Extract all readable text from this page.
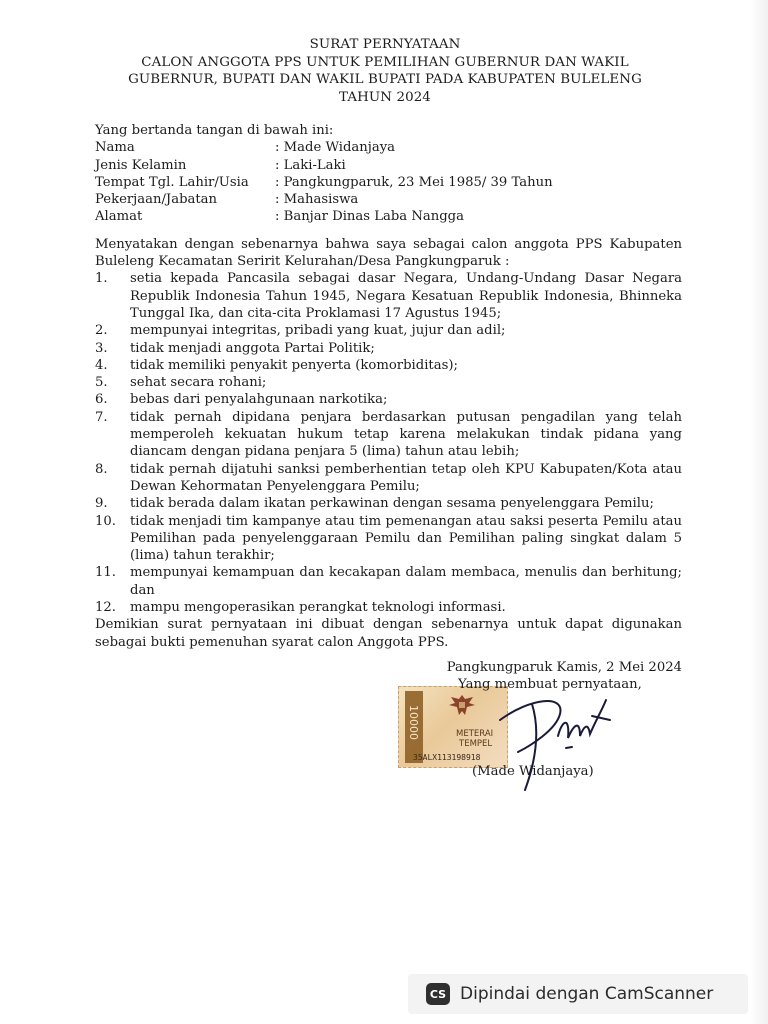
SURAT PERNYATAAN
CALON ANGGOTA PPS UNTUK PEMILIHAN GUBERNUR DAN WAKIL
GUBERNUR, BUPATI DAN WAKIL BUPATI PADA KABUPATEN BULELENG
TAHUN 2024
Yang bertanda tangan di bawah ini:
Nama	: Made Widanjaya
Jenis Kelamin	: Laki-Laki
Tempat Tgl. Lahir/Usia	: Pangkungparuk, 23 Mei 1985/ 39 Tahun
Pekerjaan/Jabatan	: Mahasiswa
Alamat	: Banjar Dinas Laba Nangga
Menyatakan dengan sebenarnya bahwa saya sebagai calon anggota PPS Kabupaten Buleleng Kecamatan Seririt Kelurahan/Desa Pangkungparuk :
1.	setia kepada Pancasila sebagai dasar Negara, Undang-Undang Dasar Negara Republik Indonesia Tahun 1945, Negara Kesatuan Republik Indonesia, Bhinneka Tunggal Ika, dan cita-cita Proklamasi 17 Agustus 1945;
2.	mempunyai integritas, pribadi yang kuat, jujur dan adil;
3.	tidak menjadi anggota Partai Politik;
4.	tidak memiliki penyakit penyerta (komorbiditas);
5.	sehat secara rohani;
6.	bebas dari penyalahgunaan narkotika;
7.	tidak pernah dipidana penjara berdasarkan putusan pengadilan yang telah memperoleh kekuatan hukum tetap karena melakukan tindak pidana yang diancam dengan pidana penjara 5 (lima) tahun atau lebih;
8.	tidak pernah dijatuhi sanksi pemberhentian tetap oleh KPU Kabupaten/Kota atau Dewan Kehormatan Penyelenggara Pemilu;
9.	tidak berada dalam ikatan perkawinan dengan sesama penyelenggara Pemilu;
10.	tidak menjadi tim kampanye atau tim pemenangan atau saksi peserta Pemilu atau Pemilihan pada penyelenggaraan Pemilu dan Pemilihan paling singkat dalam 5 (lima) tahun terakhir;
11.	mempunyai kemampuan dan kecakapan dalam membaca, menulis dan berhitung; dan
12.	mampu mengoperasikan perangkat teknologi informasi.
Demikian surat pernyataan ini dibuat dengan sebenarnya untuk dapat digunakan sebagai bukti pemenuhan syarat calon Anggota PPS.
10000	METERAI
TEMPEL
35ALX113198918
Pangkungparuk Kamis, 2 Mei 2024
Yang membuat pernyataan,
(Made Widanjaya)
CS Dipindai dengan CamScanner
